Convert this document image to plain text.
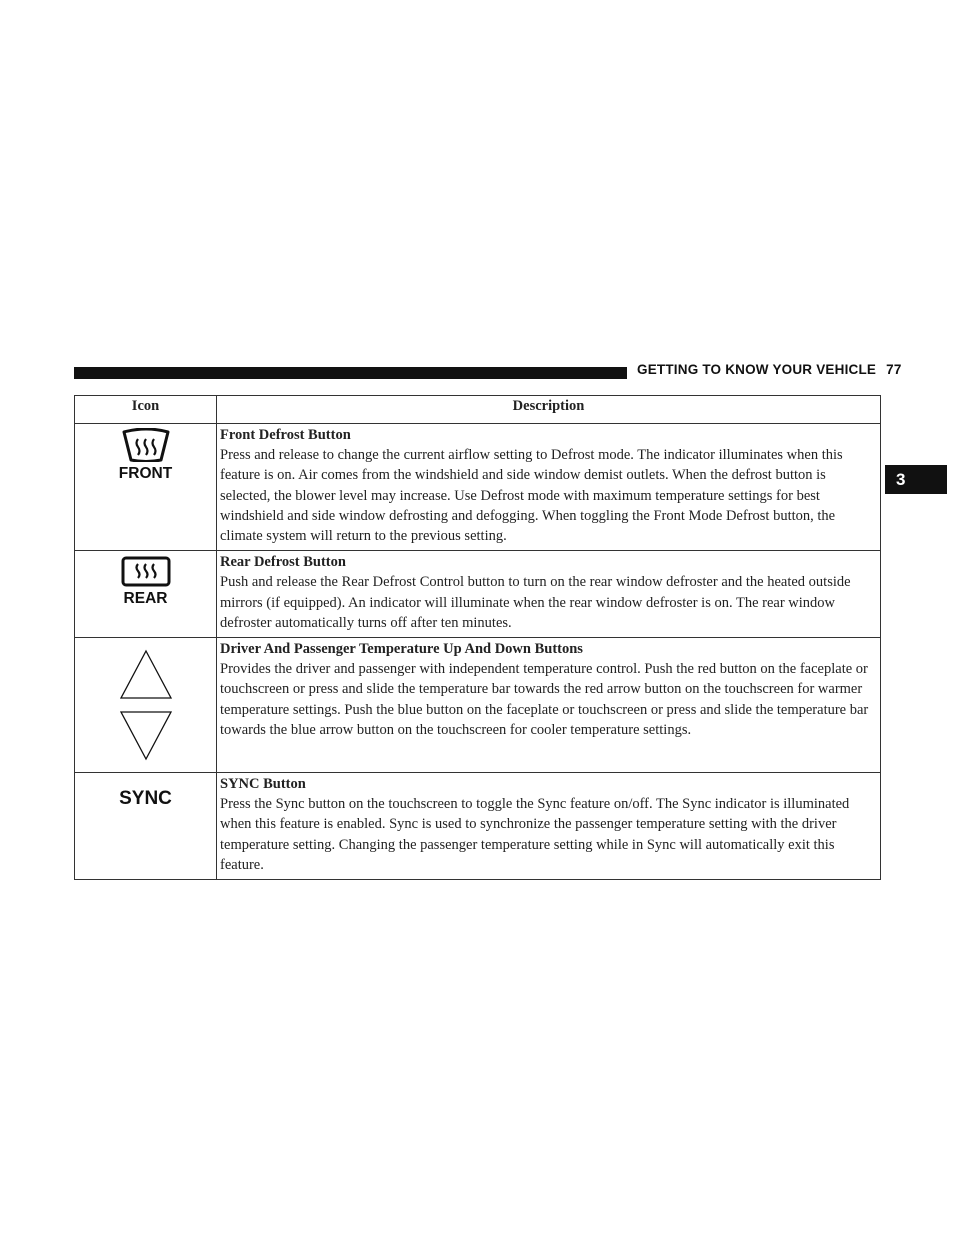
GETTING TO KNOW YOUR VEHICLE 77
3
Icon	Description

FRONT	Front Defrost Button
Press and release to change the current airflow setting to Defrost mode. The indicator illuminates when this feature is on. Air comes from the windshield and side window demist outlets. When the defrost button is selected, the blower level may increase. Use Defrost mode with maximum temperature settings for best windshield and side window defrosting and defogging. When toggling the Front Mode Defrost button, the climate system will return to the previous setting.

REAR	Rear Defrost Button
Push and release the Rear Defrost Control button to turn on the rear window defroster and the heated outside mirrors (if equipped). An indicator will illuminate when the rear window defroster is on. The rear window defroster automatically turns off after ten minutes.

Driver And Passenger Temperature Up And Down Buttons
Provides the driver and passenger with independent temperature control. Push the red button on the faceplate or touchscreen or press and slide the temperature bar towards the red arrow button on the touchscreen for warmer temperature settings. Push the blue button on the faceplate or touchscreen or press and slide the temperature bar towards the blue arrow button on the touchscreen for cooler temperature settings.

SYNC	SYNC Button
Press the Sync button on the touchscreen to toggle the Sync feature on/off. The Sync indicator is illuminated when this feature is enabled. Sync is used to synchronize the passenger temperature setting with the driver temperature setting. Changing the passenger temperature setting while in Sync will automatically exit this feature.
